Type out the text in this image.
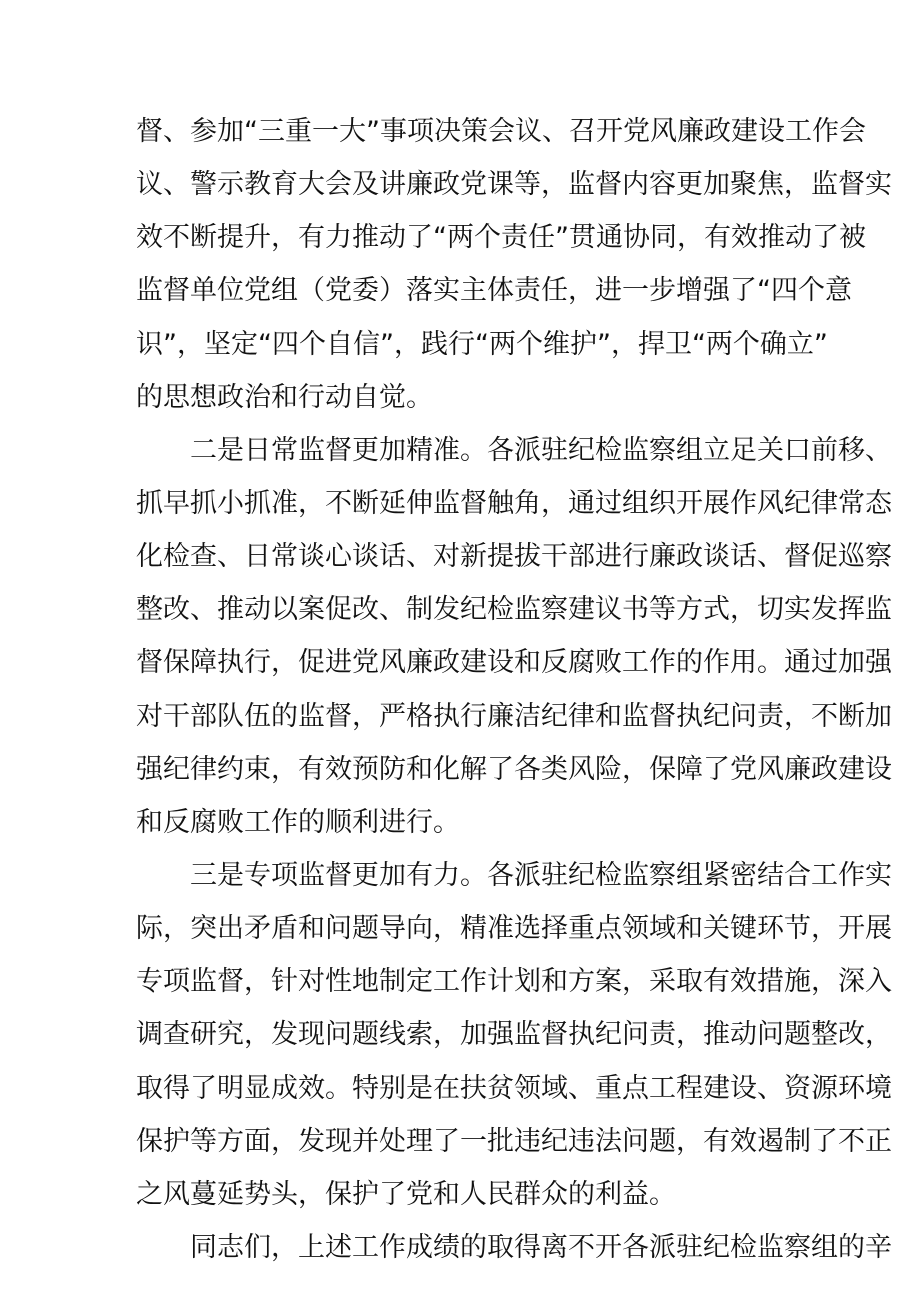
督、参加“三重一大”事项决策会议、召开党风廉政建设工作会
议、警示教育大会及讲廉政党课等，监督内容更加聚焦，监督实
效不断提升，有力推动了“两个责任”贯通协同，有效推动了被
监督单位党组（党委）落实主体责任，进一步增强了“四个意
识”，坚定“四个自信”，践行“两个维护”，捍卫“两个确立”
的思想政治和行动自觉。
二是日常监督更加精准。各派驻纪检监察组立足关口前移、
抓早抓小抓准，不断延伸监督触角，通过组织开展作风纪律常态
化检查、日常谈心谈话、对新提拔干部进行廉政谈话、督促巡察
整改、推动以案促改、制发纪检监察建议书等方式，切实发挥监
督保障执行，促进党风廉政建设和反腐败工作的作用。通过加强
对干部队伍的监督，严格执行廉洁纪律和监督执纪问责，不断加
强纪律约束，有效预防和化解了各类风险，保障了党风廉政建设
和反腐败工作的顺利进行。
三是专项监督更加有力。各派驻纪检监察组紧密结合工作实
际，突出矛盾和问题导向，精准选择重点领域和关键环节，开展
专项监督，针对性地制定工作计划和方案，采取有效措施，深入
调查研究，发现问题线索，加强监督执纪问责，推动问题整改，
取得了明显成效。特别是在扶贫领域、重点工程建设、资源环境
保护等方面，发现并处理了一批违纪违法问题，有效遏制了不正
之风蔓延势头，保护了党和人民群众的利益。
同志们，上述工作成绩的取得离不开各派驻纪检监察组的辛
